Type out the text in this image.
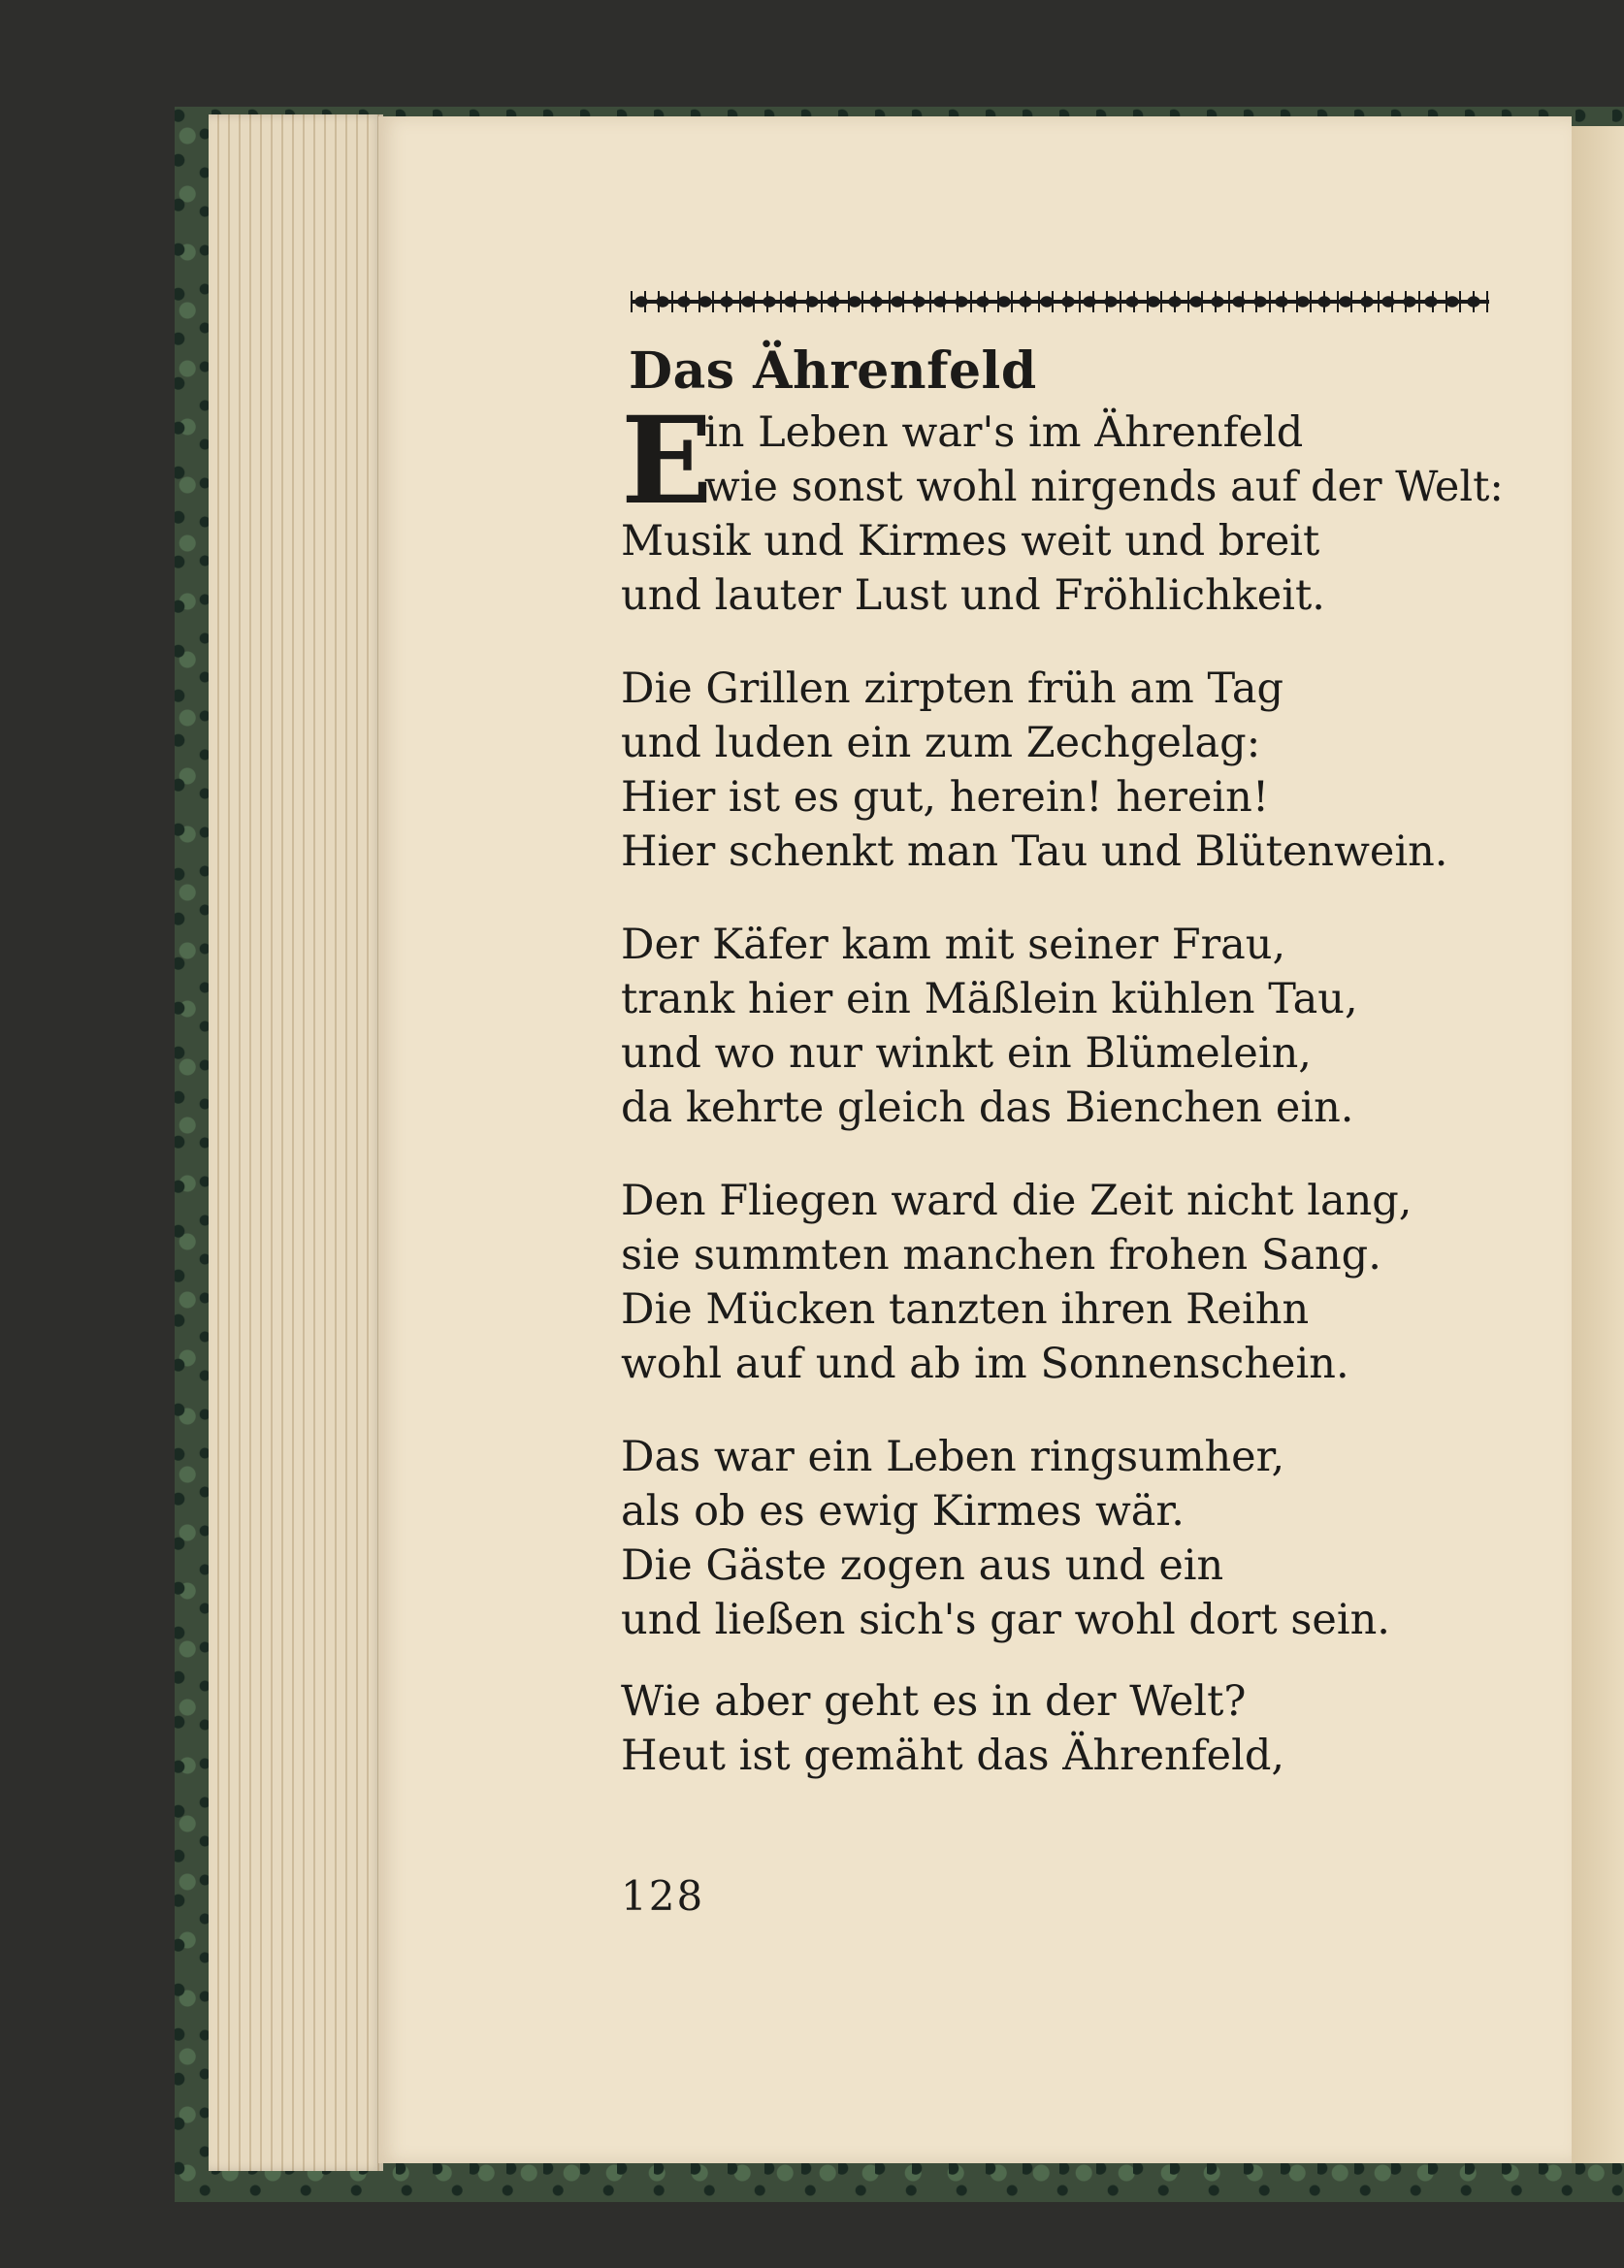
Das Ährenfeld
E
in Leben war's im Ährenfeld
wie sonst wohl nirgends auf der Welt:
Musik und Kirmes weit und breit
und lauter Lust und Fröhlichkeit.
Die Grillen zirpten früh am Tag
und luden ein zum Zechgelag:
Hier ist es gut, herein! herein!
Hier schenkt man Tau und Blütenwein.
Der Käfer kam mit seiner Frau,
trank hier ein Mäßlein kühlen Tau,
und wo nur winkt ein Blümelein,
da kehrte gleich das Bienchen ein.
Den Fliegen ward die Zeit nicht lang,
sie summten manchen frohen Sang.
Die Mücken tanzten ihren Reihn
wohl auf und ab im Sonnenschein.
Das war ein Leben ringsumher,
als ob es ewig Kirmes wär.
Die Gäste zogen aus und ein
und ließen sich's gar wohl dort sein.
Wie aber geht es in der Welt?
Heut ist gemäht das Ährenfeld,
128
